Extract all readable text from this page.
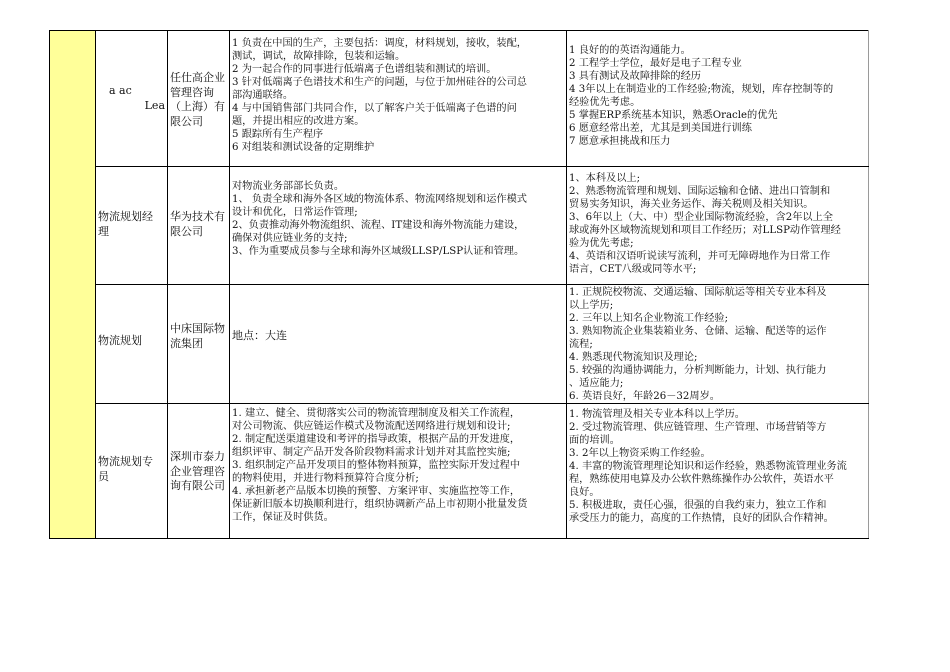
a ac
Lea
任仕高企业
管理咨询
（上海）有
限公司
1 负责在中国的生产，主要包括：调度，材料规划，接收，装配，
测试，调试，故障排除，包装和运输。
2 为一起合作的同事进行低端离子色谱组装和测试的培训。
3 针对低端离子色谱技术和生产的问题，与位于加州硅谷的公司总
部沟通联络。
4 与中国销售部门共同合作，以了解客户关于低端离子色谱的问
题，并提出相应的改进方案。
5 跟踪所有生产程序
6 对组装和测试设备的定期维护
1 良好的的英语沟通能力。
2 工程学士学位，最好是电子工程专业
3 具有测试及故障排除的经历
4 3年以上在制造业的工作经验;物流，规划，库存控制等的
经验优先考虑。
5 掌握ERP系统基本知识，熟悉Oracle的优先
6 愿意经常出差，尤其是到美国进行训练
7 愿意承担挑战和压力
物流规划经
理
华为技术有
限公司
对物流业务部部长负责。
1、 负责全球和海外各区域的物流体系、物流网络规划和运作模式
设计和优化，日常运作管理;
2、负责推动海外物流组织、流程、IT建设和海外物流能力建设，
确保对供应链业务的支持;
3、作为重要成员参与全球和海外区域级LLSP/LSP认证和管理。
1、本科及以上;
2、熟悉物流管理和规划、国际运输和仓储、进出口管制和
贸易实务知识，海关业务运作、海关税则及相关知识。
3、6年以上（大、中）型企业国际物流经验，含2年以上全
球或海外区域物流规划和项目工作经历；对LLSP动作管理经
验为优先考虑;
4、英语和汉语听说读写流利，并可无障碍地作为日常工作
语言，CET八级或同等水平;
物流规划
中床国际物
流集团
地点：大连
1. 正规院校物流、交通运输、国际航运等相关专业本科及
以上学历;
2. 三年以上知名企业物流工作经验;
3. 熟知物流企业集装箱业务、仓储、运输、配送等的运作
流程;
4. 熟悉现代物流知识及理论;
5. 较强的沟通协调能力，分析判断能力，计划、执行能力
、适应能力;
6. 英语良好，年龄26－32周岁。
物流规划专
员
深圳市泰力
企业管理咨
询有限公司
1. 建立、健全、贯彻落实公司的物流管理制度及相关工作流程，
对公司物流、供应链运作模式及物流配送网络进行规划和设计;
2. 制定配送渠道建设和考评的指导政策，根据产品的开发进度，
组织评审、制定产品开发各阶段物料需求计划并对其监控实施;
3. 组织制定产品开发项目的整体物料预算，监控实际开发过程中
的物料使用，并进行物料预算符合度分析;
4. 承担新老产品版本切换的预警、方案评审、实施监控等工作，
保证新旧版本切换顺利进行，组织协调新产品上市初期小批量发货
工作，保证及时供货。
1. 物流管理及相关专业本科以上学历。
2. 受过物流管理、供应链管理、生产管理、市场营销等方
面的培训。
3. 2年以上物资采购工作经验。
4. 丰富的物流管理理论知识和运作经验，熟悉物流管理业务流
程，熟练使用电算及办公软件熟练操作办公软件，英语水平
良好。
5. 积极进取，责任心强，很强的自我约束力，独立工作和
承受压力的能力，高度的工作热情，良好的团队合作精神。
